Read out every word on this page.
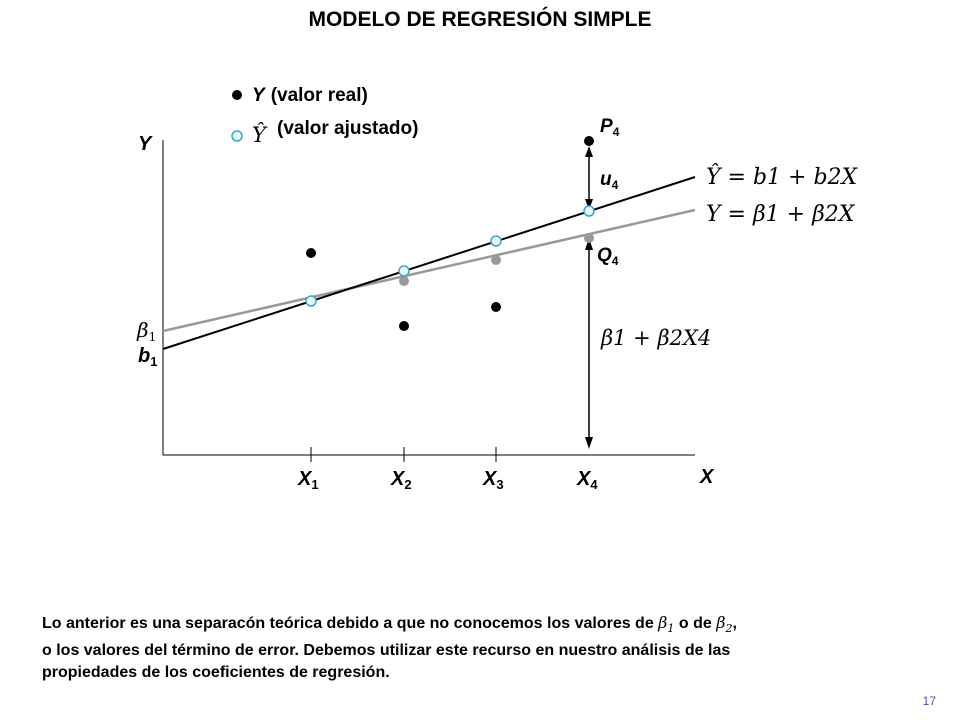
MODELO DE REGRESIÓN SIMPLE
Y
X
$X_1$	$X_2$	$X_3$	$X_4$
$\beta_1$
$b_1$
$P_4$
$u_4$
$Q_4$
β1 + β2X4
Ŷ = b1 + b2X
Y = β1 + β2X
Y (valor real)
Ŷ (valor ajustado)
Lo anterior es una separacón teórica debido a que no conocemos los valores de $\beta_1$ o de $\beta_2$,
o los valores del término de error. Debemos utilizar este recurso en nuestro análisis de las
propiedades de los coeficientes de regresión.
17
